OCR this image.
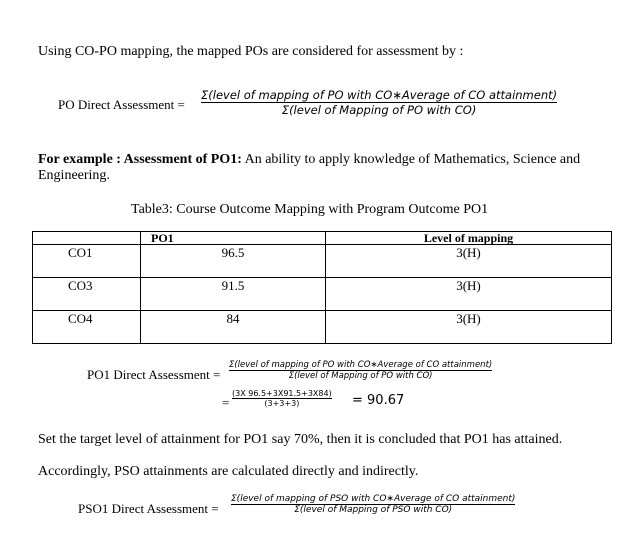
Using CO-PO mapping, the mapped POs are considered for assessment by :
PO Direct Assessment =
Σ(level of mapping of PO with CO∗Average of CO attainment)
Σ(level of Mapping of PO with CO)
For example : Assessment of PO1: An ability to apply knowledge of Mathematics, Science and
Engineering.
Table3: Course Outcome Mapping with Program Outcome PO1
	PO1	Level of mapping
CO1	96.5	3(H)
CO3	91.5	3(H)
CO4	84	3(H)
PO1 Direct Assessment =
Σ(level of mapping of PO with CO∗Average of CO attainment)
Σ(level of Mapping of PO with CO)
=
(3X 96.5+3X91.5+3X84)
(3+3+3)	= 90.67
Set the target level of attainment for PO1 say 70%, then it is concluded that PO1 has attained.
Accordingly, PSO attainments are calculated directly and indirectly.
PSO1 Direct Assessment =
Σ(level of mapping of PSO with CO∗Average of CO attainment)
Σ(level of Mapping of PSO with CO)
